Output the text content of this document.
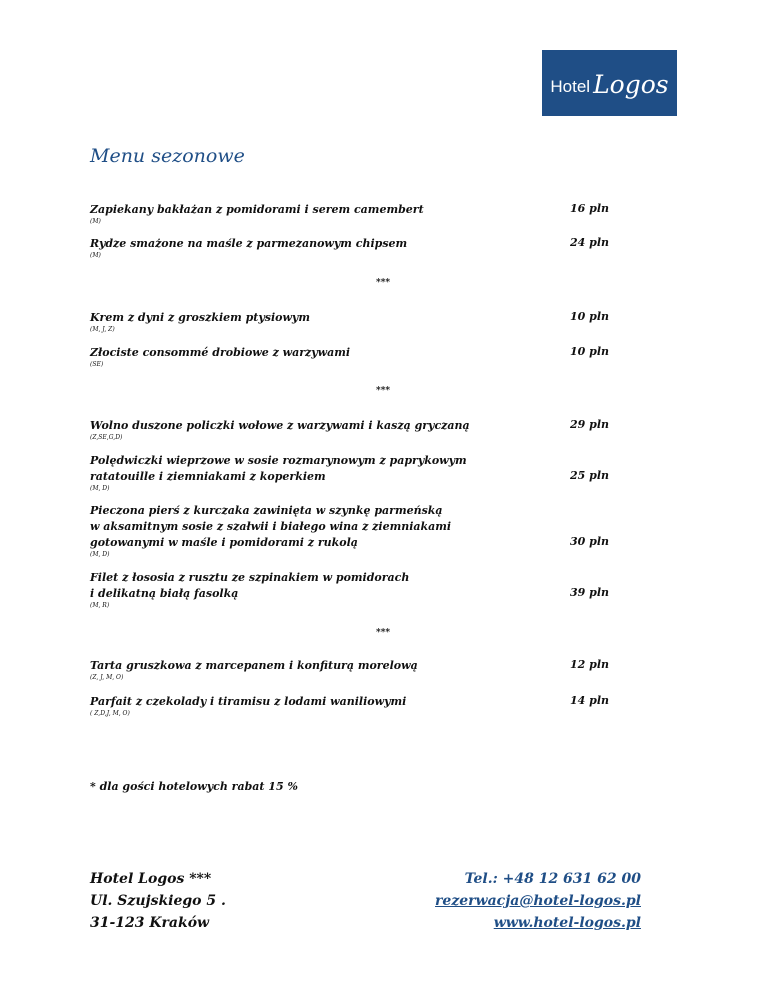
Hotel Logos
Menu sezonowe
Zapiekany bakłażan z pomidorami i serem camembert
(M)
16 pln
Rydze smażone na maśle z parmezanowym chipsem
(M)
24 pln
***
Krem z dyni z groszkiem ptysiowym
(M, J, Z)
10 pln
Złociste consommé drobiowe z warzywami
(SE)
10 pln
***
Wolno duszone policzki wołowe z warzywami i kaszą gryczaną
(Z,SE,G,D)
29 pln
Polędwiczki wieprzowe w sosie rozmarynowym z paprykowym ratatouille i ziemniakami z koperkiem
(M, D)
25 pln
Pieczona pierś z kurczaka zawinięta w szynkę parmeńską w aksamitnym sosie z szałwii i białego wina z ziemniakami gotowanymi w maśle i pomidorami z rukolą
(M, D)
30 pln
Filet z łososia z rusztu ze szpinakiem w pomidorach i delikatną białą fasolką
(M, R)
39 pln
***
Tarta gruszkowa z marcepanem i konfiturą morelową
(Z, J, M, O)
12 pln
Parfait z czekolady i tiramisu z lodami waniliowymi
( Z,D,J, M, O)
14 pln
* dla gości hotelowych rabat 15 %
Hotel Logos ***
Ul. Szujskiego 5 .
31-123 Kraków
Tel.: +48 12 631 62 00
rezerwacja@hotel-logos.pl
www.hotel-logos.pl
